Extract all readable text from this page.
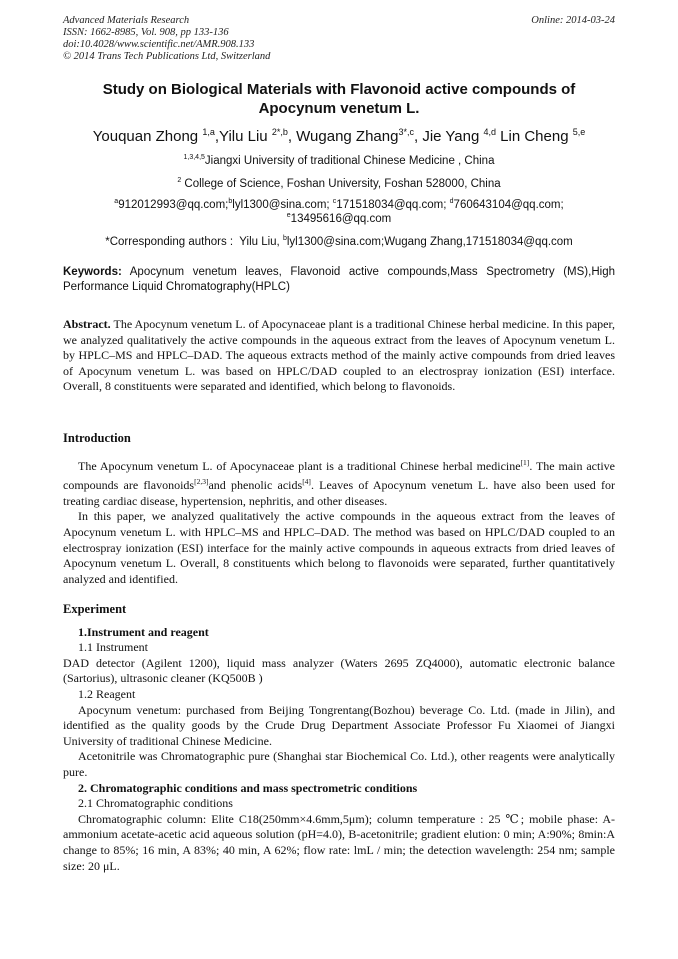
Advanced Materials Research
ISSN: 1662-8985, Vol. 908, pp 133-136
doi:10.4028/www.scientific.net/AMR.908.133
© 2014 Trans Tech Publications Ltd, Switzerland
Online: 2014-03-24
Study on Biological Materials with Flavonoid active compounds of
Apocynum venetum L.
Youquan Zhong $^{1,a}$,Yilu Liu $^{2*,b}$, Wugang Zhang$^{3*,c}$, Jie Yang $^{4,d}$ Lin Cheng $^{5,e}$
$^{1,3,4,5}$Jiangxi University of traditional Chinese Medicine , China
$^2$ College of Science, Foshan University, Foshan 528000, China
$^a$912012993@qq.com;$^b$lyl1300@sina.com; $^c$171518034@qq.com; $^d$760643104@qq.com;
$^e$13495616@qq.com
*Corresponding authors :  Yilu Liu, $^b$lyl1300@sina.com;Wugang Zhang,171518034@qq.com
Keywords: Apocynum venetum leaves, Flavonoid active compounds,Mass Spectrometry (MS),High Performance Liquid Chromatography(HPLC)

Abstract. The Apocynum venetum L. of Apocynaceae plant is a traditional Chinese herbal medicine. In this paper, we analyzed qualitatively the active compounds in the aqueous extract from the leaves of Apocynum venetum L. by HPLC–MS and HPLC–DAD. The aqueous extracts method of the mainly active compounds from dried leaves of Apocynum venetum L. was based on HPLC/DAD coupled to an electrospray ionization (ESI) interface. Overall, 8 constituents were separated and identified, which belong to flavonoids.

Introduction

The Apocynum venetum L. of Apocynaceae plant is a traditional Chinese herbal medicine[1]. The main active compounds are flavonoids[2,3]and phenolic acids[4]. Leaves of Apocynum venetum L. have also been used for treating cardiac disease, hypertension, nephritis, and other diseases.

In this paper, we analyzed qualitatively the active compounds in the aqueous extract from the leaves of Apocynum venetum L. with HPLC–MS and HPLC–DAD. The method was based on HPLC/DAD coupled to an electrospray ionization (ESI) interface for the mainly active compounds in aqueous extracts from dried leaves of Apocynum venetum L. Overall, 8 constituents which belong to flavonoids were separated, further quantitatively analyzed and identified.

Experiment

1.Instrument and reagent

1.1 Instrument

DAD detector (Agilent 1200), liquid mass analyzer (Waters 2695 ZQ4000), automatic electronic balance (Sartorius), ultrasonic cleaner (KQ500B )

1.2 Reagent

Apocynum venetum: purchased from Beijing Tongrentang(Bozhou) beverage Co. Ltd. (made in Jilin), and identified as the quality goods by the Crude Drug Department Associate Professor Fu Xiaomei of Jiangxi University of traditional Chinese Medicine.

Acetonitrile was Chromatographic pure (Shanghai star Biochemical Co. Ltd.), other reagents were analytically pure.

2. Chromatographic conditions and mass spectrometric conditions

2.1 Chromatographic conditions

Chromatographic column: Elite C18(250mm×4.6mm,5μm); column temperature : 25 ℃; mobile phase: A-ammonium acetate-acetic acid aqueous solution (pH=4.0), B-acetonitrile; gradient elution: 0 min; A:90%; 8min:A change to 85%; 16 min, A 83%; 40 min, A 62%; flow rate: lmL / min; the detection wavelength: 254 nm; sample size: 20 μL.
